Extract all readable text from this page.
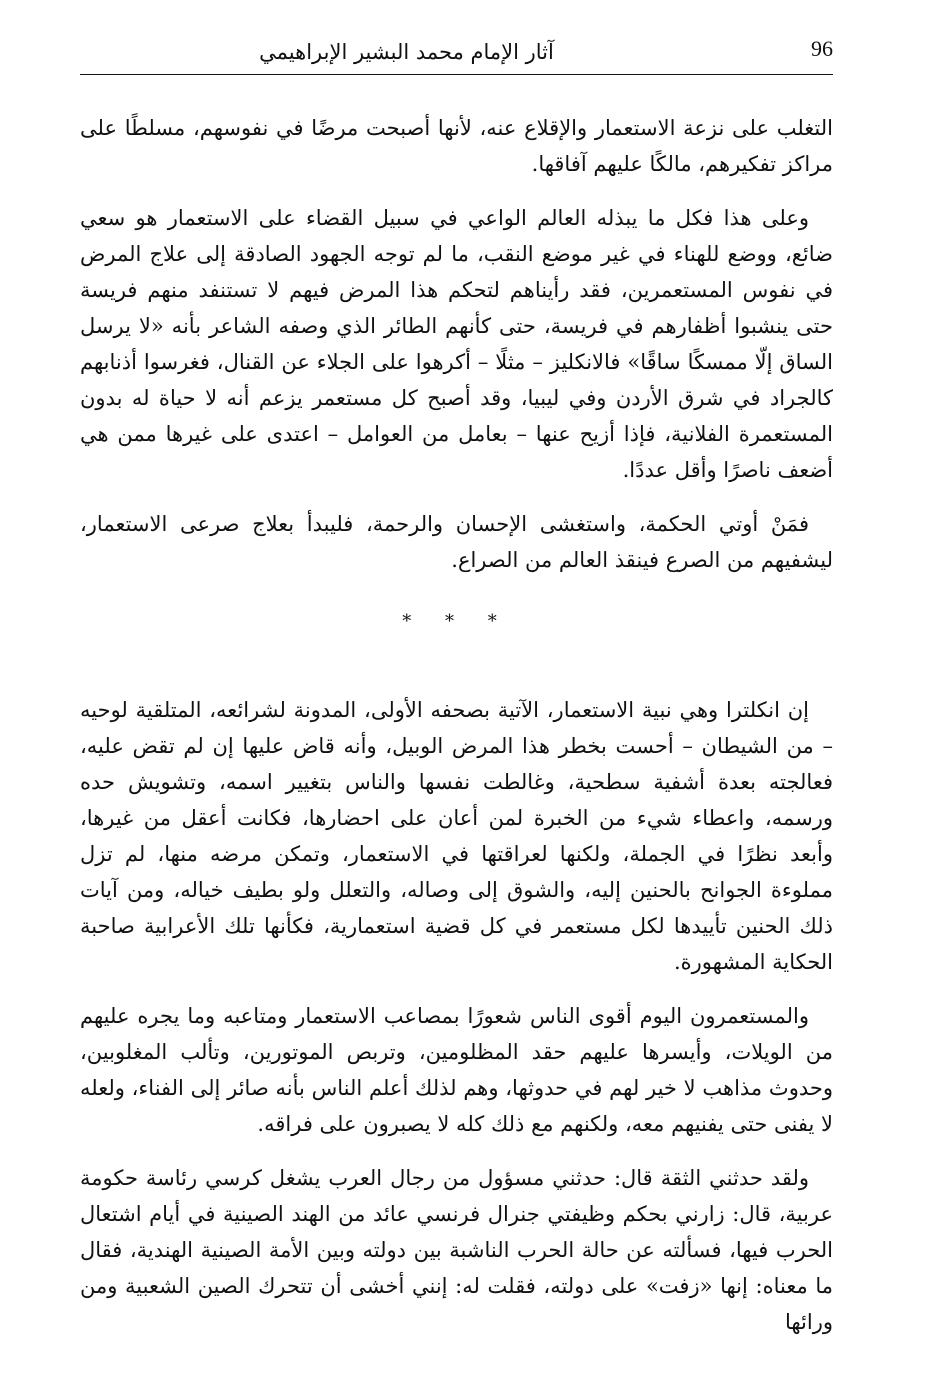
96
آثار الإمام محمد البشير الإبراهيمي

التغلب على نزعة الاستعمار والإقلاع عنه، لأنها أصبحت مرضًا في نفوسهم، مسلطًا على مراكز تفكيرهم، مالكًا عليهم آفاقها.

وعلى هذا فكل ما يبذله العالم الواعي في سبيل القضاء على الاستعمار هو سعي ضائع، ووضع للهناء في غير موضع النقب، ما لم توجه الجهود الصادقة إلى علاج المرض في نفوس المستعمرين، فقد رأيناهم لتحكم هذا المرض فيهم لا تستنفد منهم فريسة حتى ينشبوا أظفارهم في فريسة، حتى كأنهم الطائر الذي وصفه الشاعر بأنه «لا يرسل الساق إلّا ممسكًا ساقًا» فالانكليز – مثلًا – أكرهوا على الجلاء عن القنال، فغرسوا أذنابهم كالجراد في شرق الأردن وفي ليبيا، وقد أصبح كل مستعمر يزعم أنه لا حياة له بدون المستعمرة الفلانية، فإذا أزيح عنها – بعامل من العوامل – اعتدى على غيرها ممن هي أضعف ناصرًا وأقل عددًا.

فمَنْ أوتي الحكمة، واستغشى الإحسان والرحمة، فليبدأ بعلاج صرعى الاستعمار، ليشفيهم من الصرع فينقذ العالم من الصراع.

* * *

إن انكلترا وهي نبية الاستعمار، الآتية بصحفه الأولى، المدونة لشرائعه، المتلقية لوحيه – من الشيطان – أحست بخطر هذا المرض الوبيل، وأنه قاض عليها إن لم تقض عليه، فعالجته بعدة أشفية سطحية، وغالطت نفسها والناس بتغيير اسمه، وتشويش حده ورسمه، واعطاء شيء من الخبرة لمن أعان على احضارها، فكانت أعقل من غيرها، وأبعد نظرًا في الجملة، ولكنها لعراقتها في الاستعمار، وتمكن مرضه منها، لم تزل مملوءة الجوانح بالحنين إليه، والشوق إلى وصاله، والتعلل ولو بطيف خياله، ومن آيات ذلك الحنين تأييدها لكل مستعمر في كل قضية استعمارية، فكأنها تلك الأعرابية صاحبة الحكاية المشهورة.

والمستعمرون اليوم أقوى الناس شعورًا بمصاعب الاستعمار ومتاعبه وما يجره عليهم من الويلات، وأيسرها عليهم حقد المظلومين، وتربص الموتورين، وتألب المغلوبين، وحدوث مذاهب لا خير لهم في حدوثها، وهم لذلك أعلم الناس بأنه صائر إلى الفناء، ولعله لا يفنى حتى يفنيهم معه، ولكنهم مع ذلك كله لا يصبرون على فراقه.

ولقد حدثني الثقة قال: حدثني مسؤول من رجال العرب يشغل كرسي رئاسة حكومة عربية، قال: زارني بحكم وظيفتي جنرال فرنسي عائد من الهند الصينية في أيام اشتعال الحرب فيها، فسألته عن حالة الحرب الناشبة بين دولته وبين الأمة الصينية الهندية، فقال ما معناه: إنها «زفت» على دولته، فقلت له: إنني أخشى أن تتحرك الصين الشعبية ومن ورائها
